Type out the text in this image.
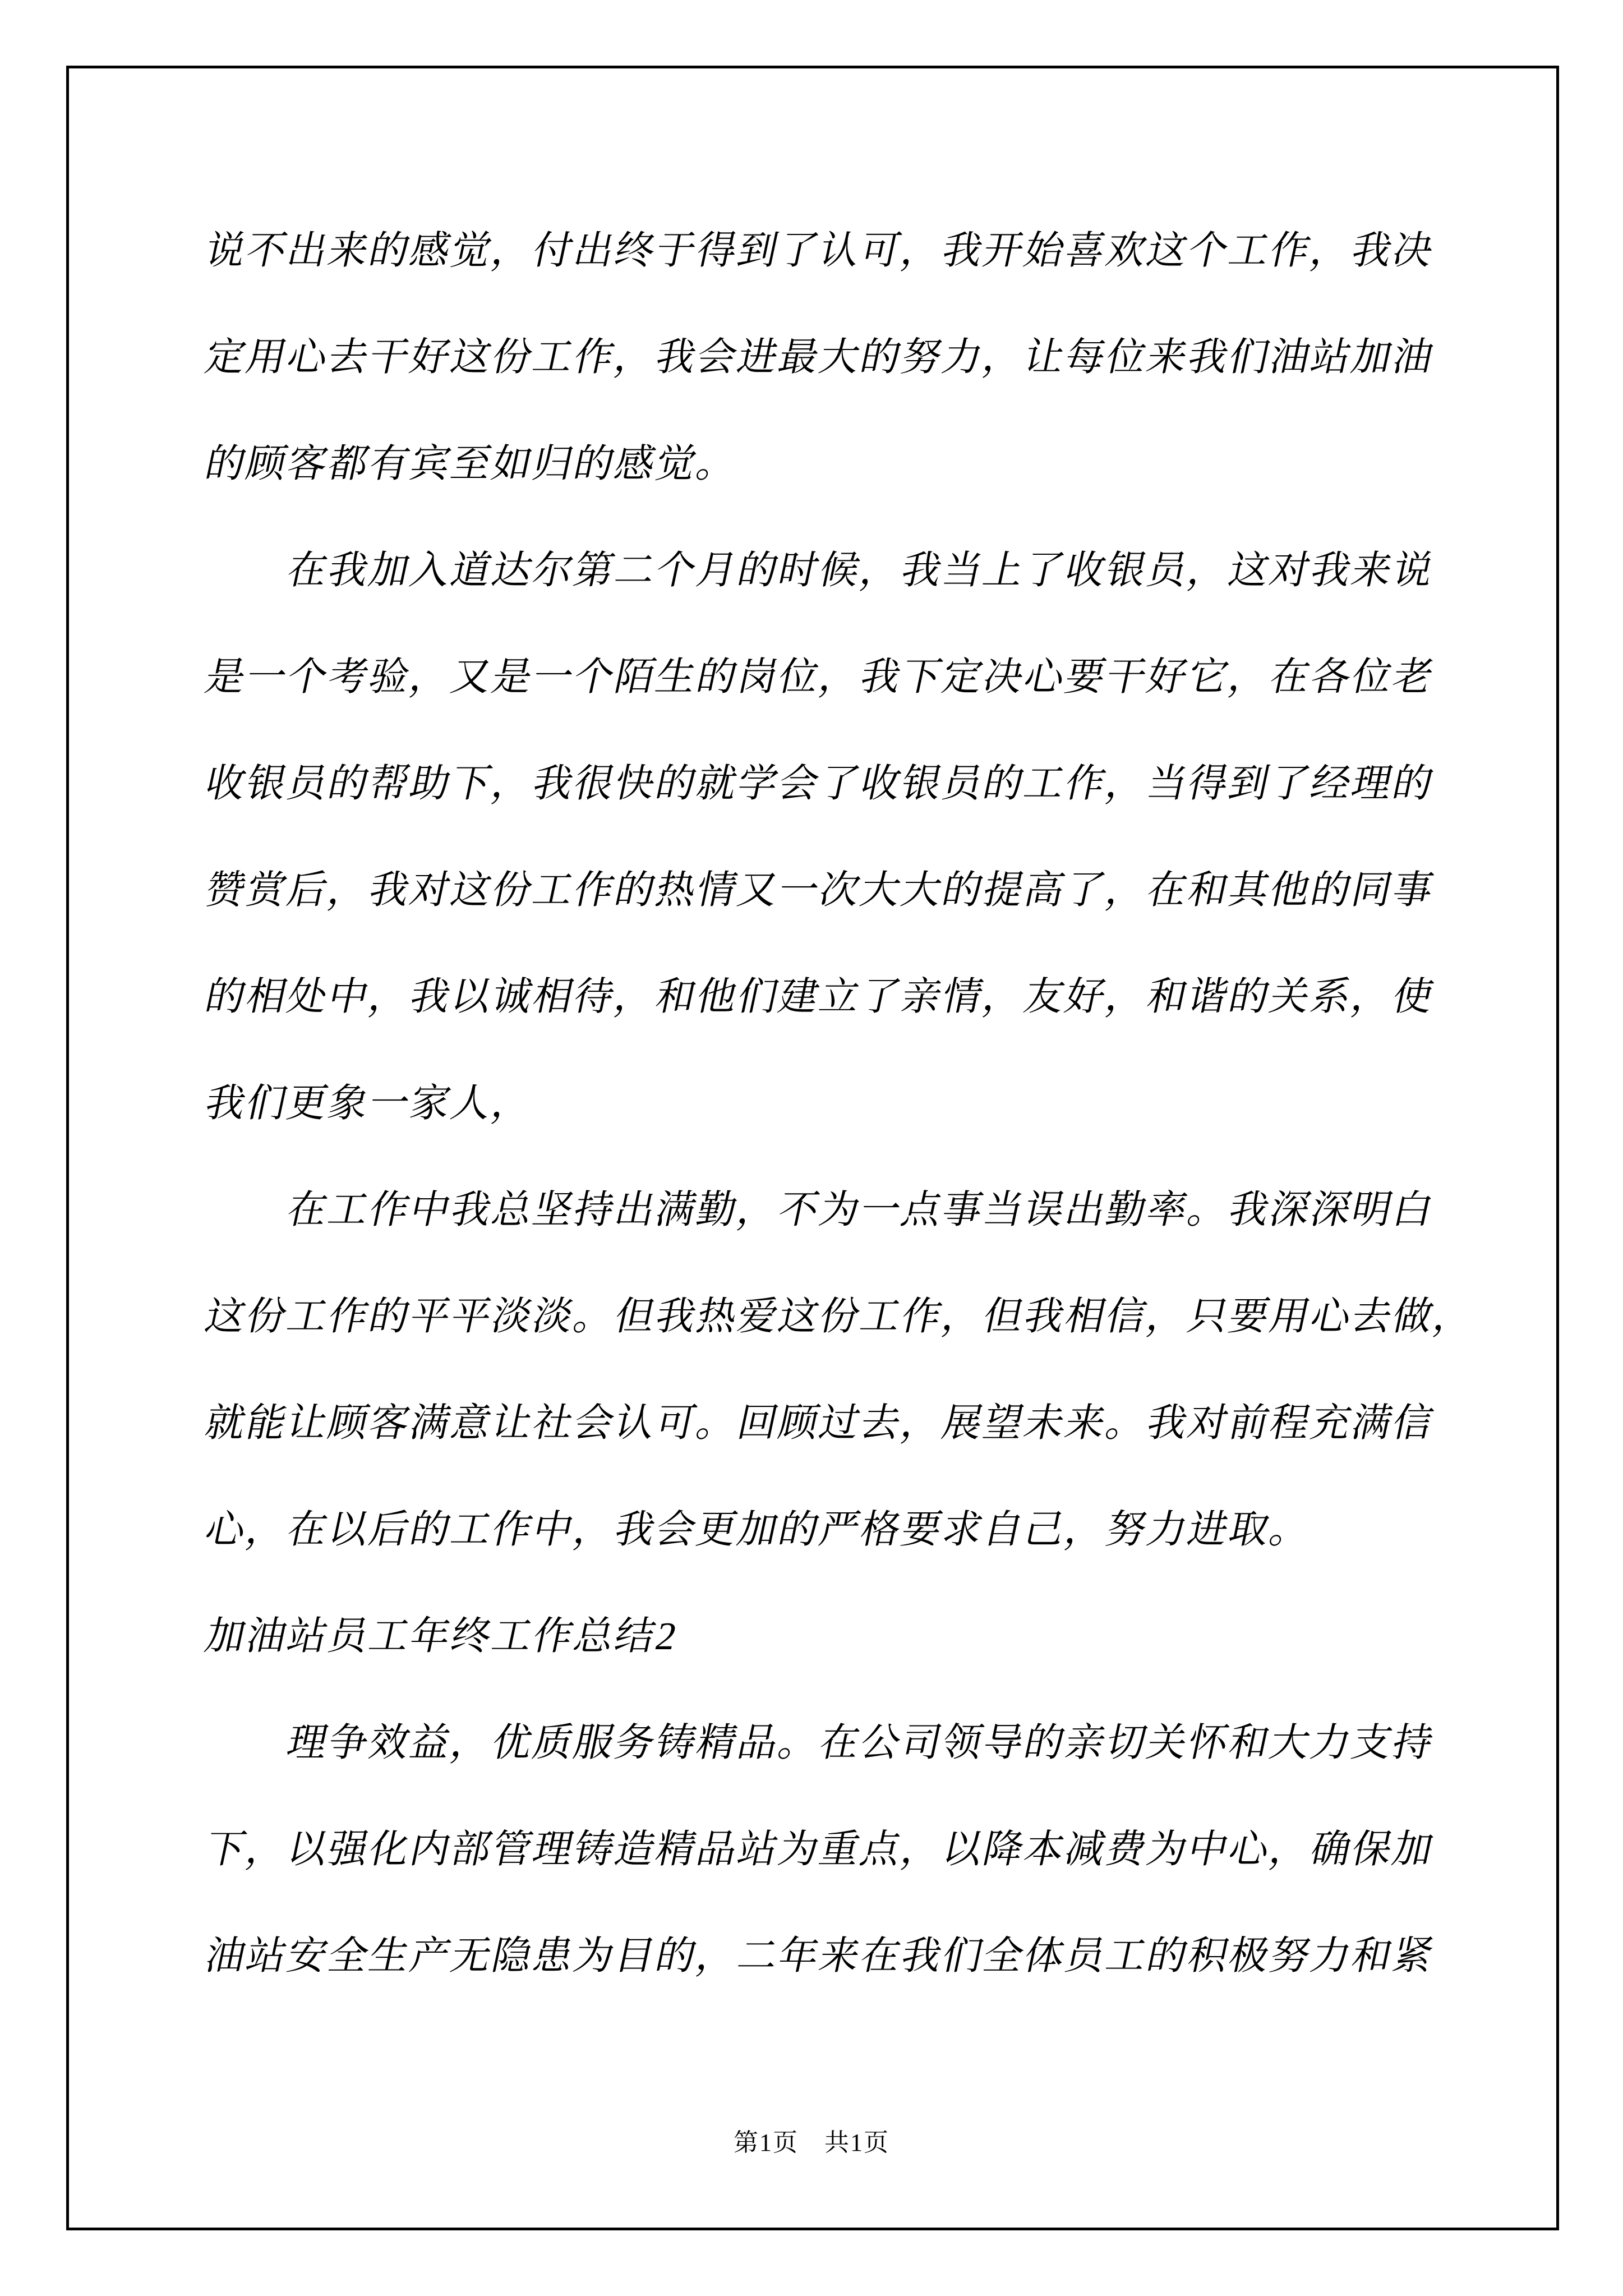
说不出来的感觉，付出终于得到了认可，我开始喜欢这个工作，我决
定用心去干好这份工作，我会进最大的努力，让每位来我们油站加油
的顾客都有宾至如归的感觉。
在我加入道达尔第二个月的时候，我当上了收银员，这对我来说
是一个考验，又是一个陌生的岗位，我下定决心要干好它，在各位老
收银员的帮助下，我很快的就学会了收银员的工作，当得到了经理的
赞赏后，我对这份工作的热情又一次大大的提高了，在和其他的同事
的相处中，我以诚相待，和他们建立了亲情，友好，和谐的关系，使
我们更象一家人，
在工作中我总坚持出满勤，不为一点事当误出勤率。我深深明白
这份工作的平平淡淡。但我热爱这份工作，但我相信，只要用心去做，
就能让顾客满意让社会认可。回顾过去，展望未来。我对前程充满信
心，在以后的工作中，我会更加的严格要求自己，努力进取。
加油站员工年终工作总结2
理争效益，优质服务铸精品。在公司领导的亲切关怀和大力支持
下，以强化内部管理铸造精品站为重点，以降本减费为中心，确保加
油站安全生产无隐患为目的，二年来在我们全体员工的积极努力和紧
第1页　共1页
